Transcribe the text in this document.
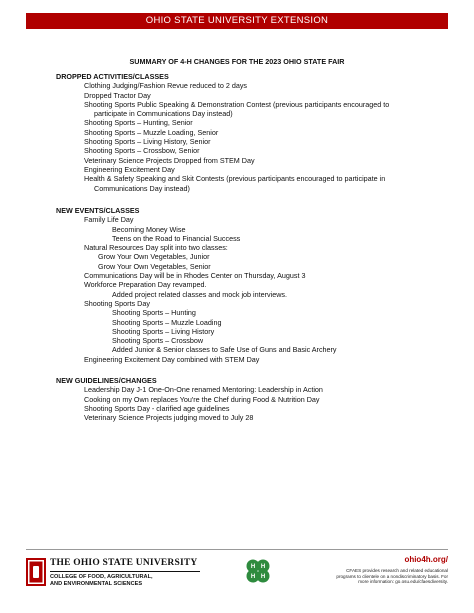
OHIO STATE UNIVERSITY EXTENSION
SUMMARY OF 4-H CHANGES FOR THE 2023 OHIO STATE FAIR
DROPPED ACTIVITIES/CLASSES
Clothing Judging/Fashion Revue reduced to 2 days
Dropped Tractor Day
Shooting Sports Public Speaking & Demonstration Contest (previous participants encouraged to
participate in Communications Day instead)
Shooting Sports – Hunting, Senior
Shooting Sports – Muzzle Loading, Senior
Shooting Sports – Living History, Senior
Shooting Sports – Crossbow, Senior
Veterinary Science Projects Dropped from STEM Day
Engineering Excitement Day
Health & Safety Speaking and Skit Contests (previous participants encouraged to participate in
Communications Day instead)
NEW EVENTS/CLASSES
Family Life Day
Becoming Money Wise
Teens on the Road to Financial Success
Natural Resources Day split into two classes:
Grow Your Own Vegetables, Junior
Grow Your Own Vegetables, Senior
Communications Day will be in Rhodes Center on Thursday, August 3
Workforce Preparation Day revamped.
Added project related classes and mock job interviews.
Shooting Sports Day
Shooting Sports – Hunting
Shooting Sports – Muzzle Loading
Shooting Sports – Living History
Shooting Sports – Crossbow
Added Junior & Senior classes to Safe Use of Guns and Basic Archery
Engineering Excitement Day combined with STEM Day
NEW GUIDELINES/CHANGES
Leadership Day J-1 One-On-One renamed Mentoring: Leadership in Action
Cooking on my Own replaces You're the Chef during Food & Nutrition Day
Shooting Sports Day - clarified age guidelines
Veterinary Science Projects judging moved to July 28
THE OHIO STATE UNIVERSITY
COLLEGE OF FOOD, AGRICULTURAL,
AND ENVIRONMENTAL SCIENCES
H H
H H
ohio4h.org/
CFAES provides research and related educational
programs to clientele on a nondiscriminatory basis. For
more information: go.osu.edu/cfaesdiversity.
